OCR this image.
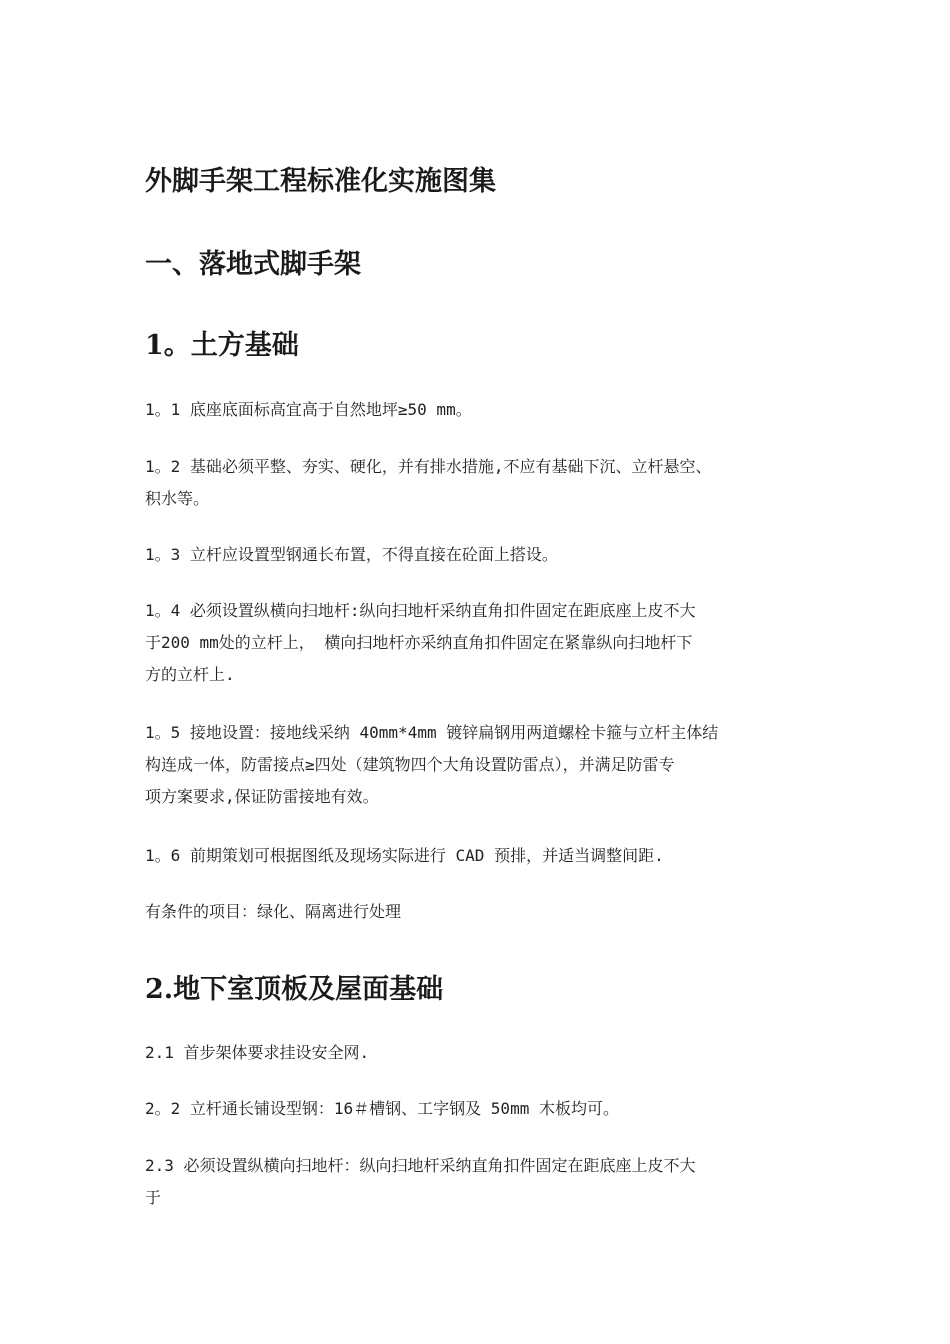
外脚手架工程标准化实施图集
一、落地式脚手架
1。土方基础
1。1 底座底面标高宜高于自然地坪≥50 mm。
1。2 基础必须平整、夯实、硬化，并有排水措施,不应有基础下沉、立杆悬空、
积水等。
1。3 立杆应设置型钢通长布置，不得直接在砼面上搭设。
1。4 必须设置纵横向扫地杆:纵向扫地杆采纳直角扣件固定在距底座上皮不大
于200 mm处的立杆上， 横向扫地杆亦采纳直角扣件固定在紧靠纵向扫地杆下
方的立杆上.
1。5 接地设置：接地线采纳 40mm*4mm 镀锌扁钢用两道螺栓卡箍与立杆主体结
构连成一体，防雷接点≥四处（建筑物四个大角设置防雷点），并满足防雷专
项方案要求,保证防雷接地有效。
1。6 前期策划可根据图纸及现场实际进行 CAD 预排，并适当调整间距.
有条件的项目：绿化、隔离进行处理
2.地下室顶板及屋面基础
2.1 首步架体要求挂设安全网.
2。2 立杆通长铺设型钢：16＃槽钢、工字钢及 50mm 木板均可。
2.3 必须设置纵横向扫地杆：纵向扫地杆采纳直角扣件固定在距底座上皮不大
于
